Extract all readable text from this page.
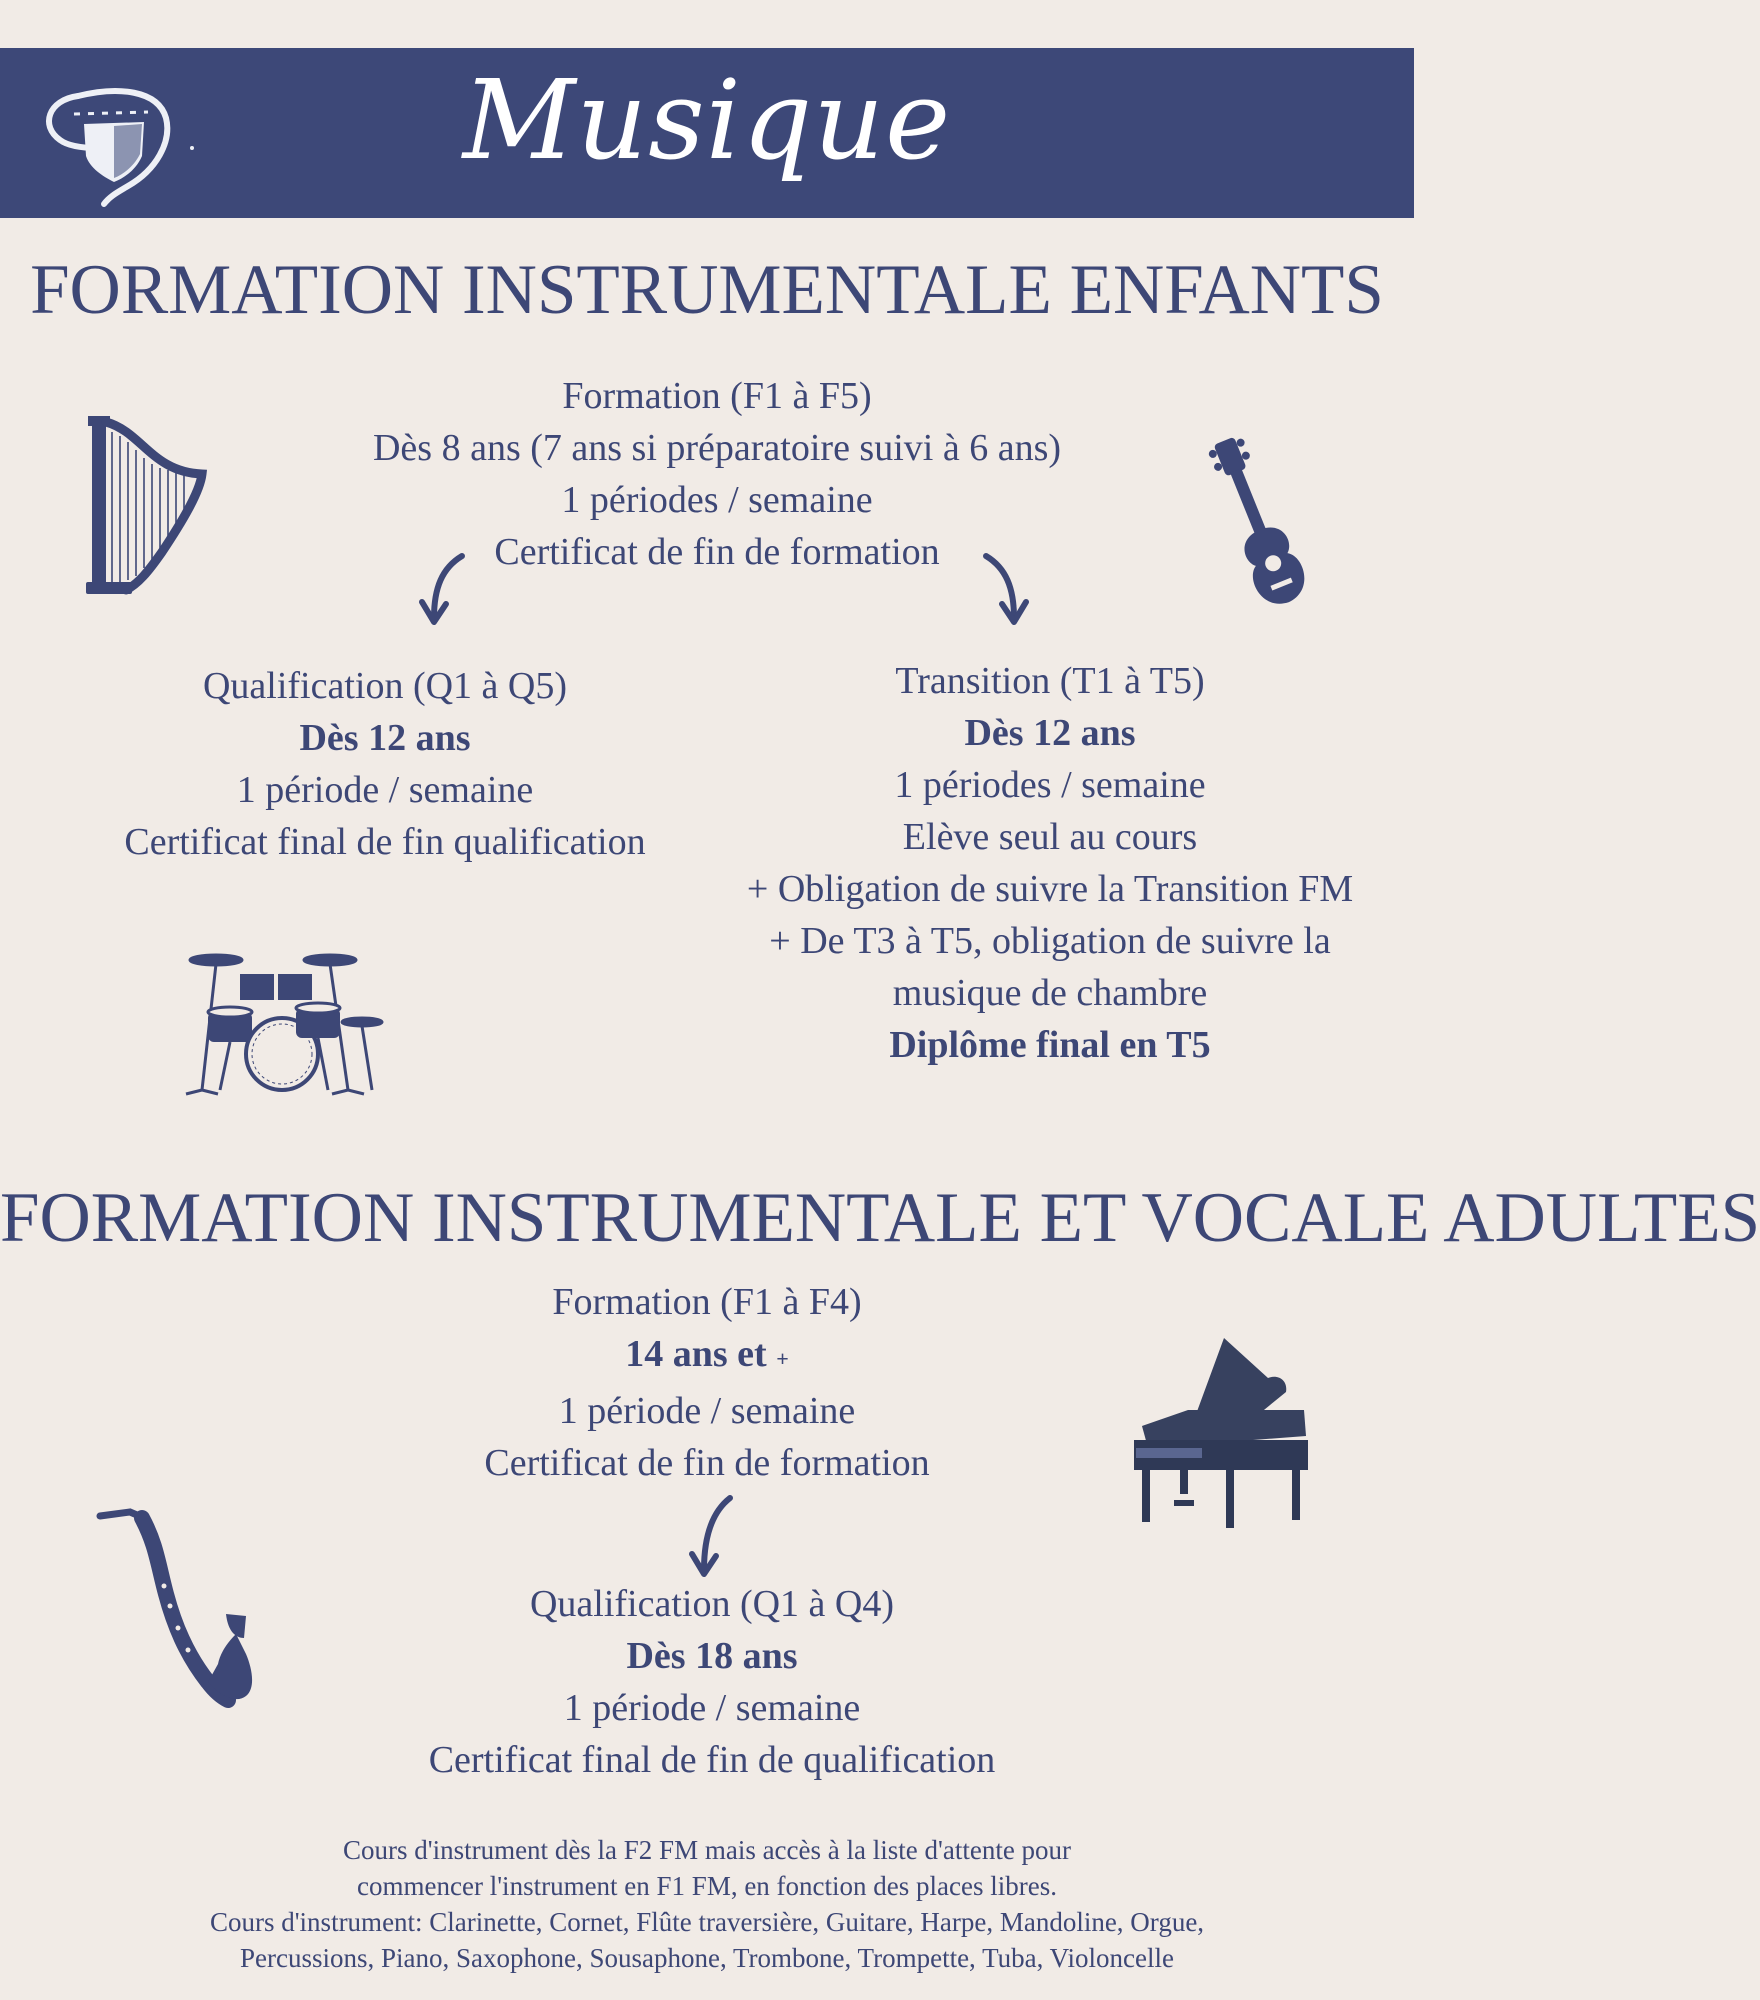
Musique
FORMATION INSTRUMENTALE ENFANTS
Formation (F1 à F5)
Dès 8 ans (7 ans si préparatoire suivi à 6 ans)
1 périodes / semaine
Certificat de fin de formation
Qualification (Q1 à Q5)
Dès 12 ans
1 période / semaine
Certificat final de fin qualification
Transition (T1 à T5)
Dès 12 ans
1 périodes / semaine
Elève seul au cours
+ Obligation de suivre la Transition FM
+ De T3 à T5, obligation de suivre la
musique de chambre
Diplôme final en T5
FORMATION INSTRUMENTALE ET VOCALE ADULTES
Formation (F1 à F4)
14 ans et +
1 période / semaine
Certificat de fin de formation
Qualification (Q1 à Q4)
Dès 18 ans
1 période / semaine
Certificat final de fin de qualification
Cours d'instrument dès la F2 FM mais accès à la liste d'attente pour
commencer l'instrument en F1 FM, en fonction des places libres.
Cours d'instrument: Clarinette, Cornet, Flûte traversière, Guitare, Harpe, Mandoline, Orgue,
Percussions, Piano, Saxophone, Sousaphone, Trombone, Trompette, Tuba, Violoncelle
